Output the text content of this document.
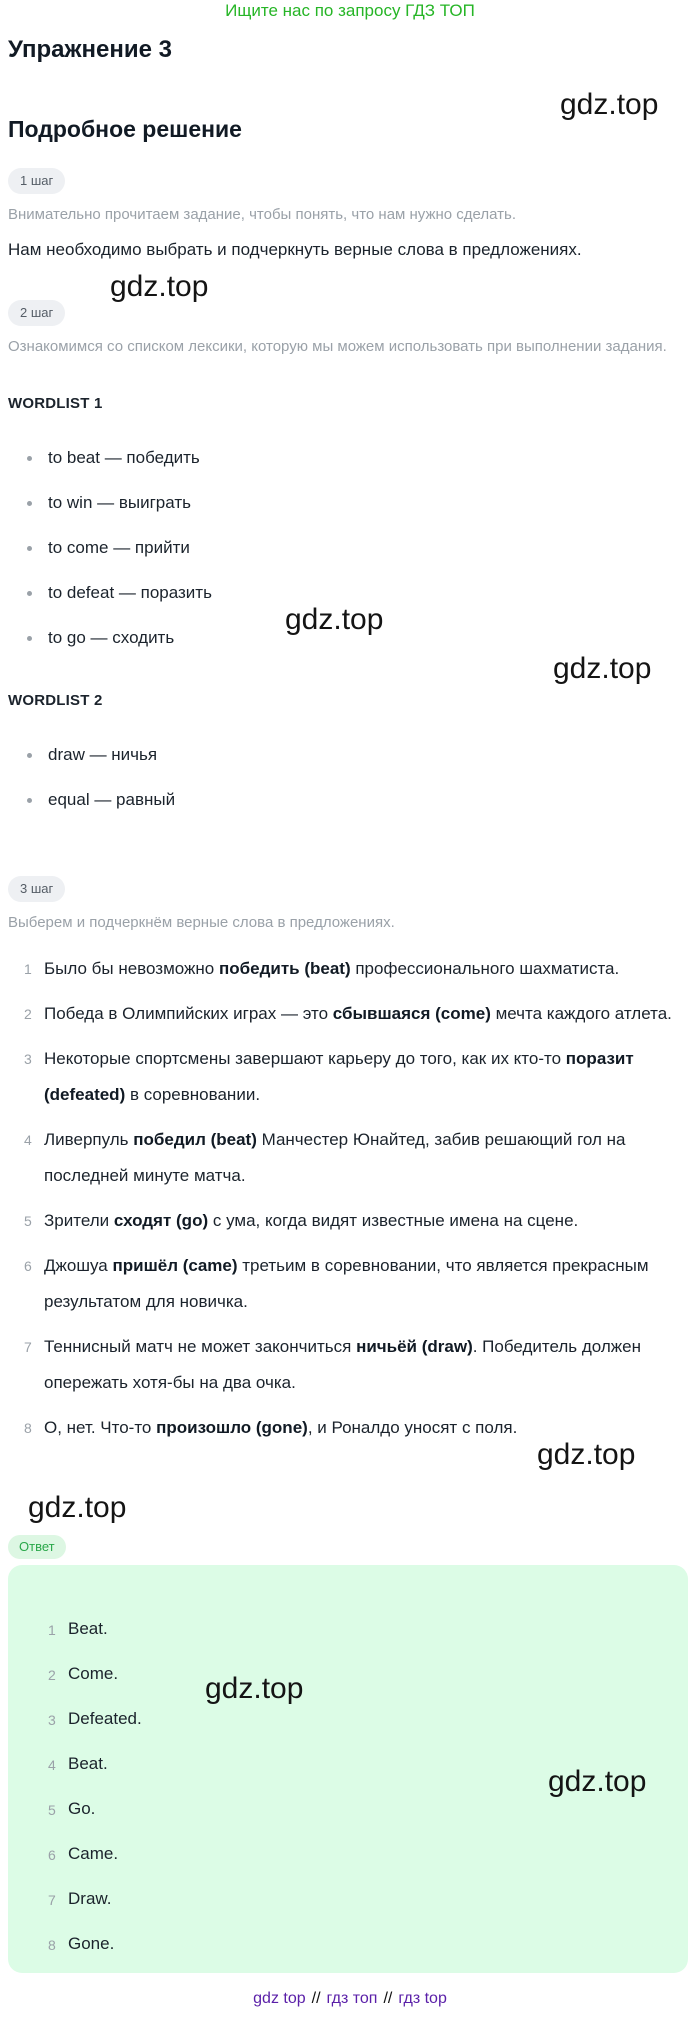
Ищите нас по запросу ГДЗ ТОП
Упражнение 3
Подробное решение
1 шаг
Внимательно прочитаем задание, чтобы понять, что нам нужно сделать.
Нам необходимо выбрать и подчеркнуть верные слова в предложениях.
2 шаг
Ознакомимся со списком лексики, которую мы можем использовать при выполнении задания.
WORDLIST 1
to beat — победить
to win — выиграть
to come — прийти
to defeat — поразить
to go — сходить
WORDLIST 2
draw — ничья
equal — равный
3 шаг
Выберем и подчеркнём верные слова в предложениях.
1 Было бы невозможно победить (beat) профессионального шахматиста.
2 Победа в Олимпийских играх — это сбывшаяся (come) мечта каждого атлета.
3 Некоторые спортсмены завершают карьеру до того, как их кто-то поразит (defeated) в соревновании.
4 Ливерпуль победил (beat) Манчестер Юнайтед, забив решающий гол на последней минуте матча.
5 Зрители сходят (go) с ума, когда видят известные имена на сцене.
6 Джошуа пришёл (came) третьим в соревновании, что является прекрасным результатом для новичка.
7 Теннисный матч не может закончиться ничьёй (draw). Победитель должен опережать хотя-бы на два очка.
8 О, нет. Что-то произошло (gone), и Роналдо уносят с поля.
Ответ
1 Beat.
2 Come.
3 Defeated.
4 Beat.
5 Go.
6 Came.
7 Draw.
8 Gone.
gdz.top
gdz.top
gdz.top
gdz.top
gdz.top
gdz.top
gdz.top
gdz.top
gdz top // гдз топ // гдз top
